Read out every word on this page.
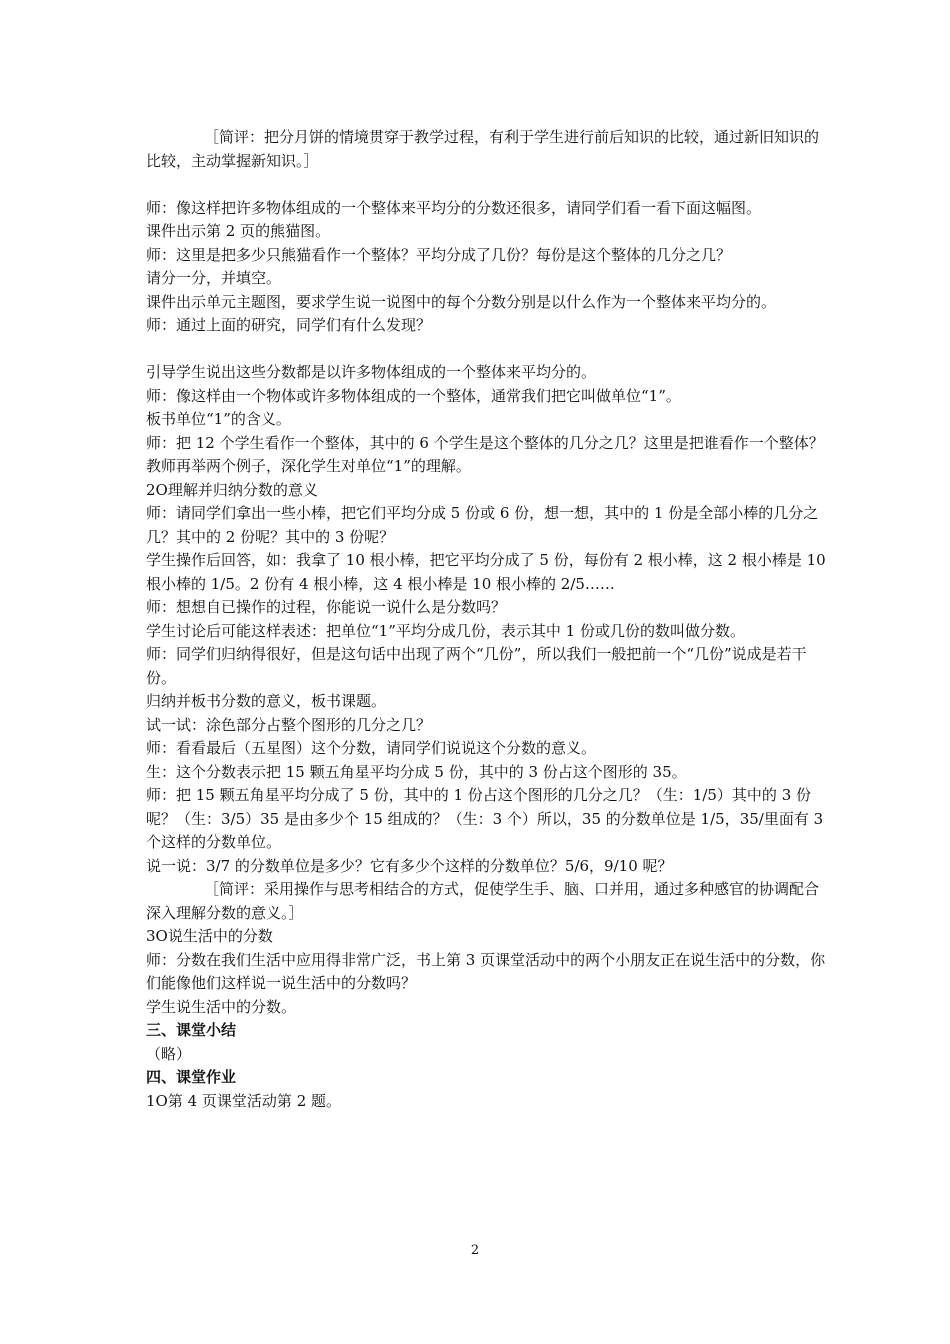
［简评：把分月饼的情境贯穿于教学过程，有利于学生进行前后知识的比较，通过新旧知识的比较，主动掌握新知识。］

师：像这样把许多物体组成的一个整体来平均分的分数还很多，请同学们看一看下面这幅图。

课件出示第 2 页的熊猫图。

师：这里是把多少只熊猫看作一个整体？平均分成了几份？每份是这个整体的几分之几？

请分一分，并填空。

课件出示单元主题图，要求学生说一说图中的每个分数分别是以什么作为一个整体来平均分的。

师：通过上面的研究，同学们有什么发现？

引导学生说出这些分数都是以许多物体组成的一个整体来平均分的。

师：像这样由一个物体或许多物体组成的一个整体，通常我们把它叫做单位“1”。

板书单位“1”的含义。

师：把 12 个学生看作一个整体，其中的 6 个学生是这个整体的几分之几？这里是把谁看作一个整体？

教师再举两个例子，深化学生对单位“1”的理解。

2O理解并归纳分数的意义

师：请同学们拿出一些小棒，把它们平均分成 5 份或 6 份，想一想，其中的 1 份是全部小棒的几分之几？其中的 2 份呢？其中的 3 份呢？

学生操作后回答，如：我拿了 10 根小棒，把它平均分成了 5 份，每份有 2 根小棒，这 2 根小棒是 10 根小棒的 1/5。2 份有 4 根小棒，这 4 根小棒是 10 根小棒的 2/5……

师：想想自已操作的过程，你能说一说什么是分数吗？

学生讨论后可能这样表述：把单位“1”平均分成几份，表示其中 1 份或几份的数叫做分数。

师：同学们归纳得很好，但是这句话中出现了两个“几份”，所以我们一般把前一个“几份”说成是若干份。

归纳并板书分数的意义，板书课题。

试一试：涂色部分占整个图形的几分之几？

师：看看最后（五星图）这个分数，请同学们说说这个分数的意义。

生：这个分数表示把 15 颗五角星平均分成 5 份，其中的 3 份占这个图形的 35。

师：把 15 颗五角星平均分成了 5 份，其中的 1 份占这个图形的几分之几？（生：1/5）其中的 3 份呢？（生：3/5）35 是由多少个 15 组成的？（生：3 个）所以，35 的分数单位是 1/5，35/里面有 3 个这样的分数单位。

说一说：3/7 的分数单位是多少？它有多少个这样的分数单位？5/6，9/10 呢？

［简评：采用操作与思考相结合的方式，促使学生手、脑、口并用，通过多种感官的协调配合深入理解分数的意义。］

3O说生活中的分数

师：分数在我们生活中应用得非常广泛，书上第 3 页课堂活动中的两个小朋友正在说生活中的分数，你们能像他们这样说一说生活中的分数吗？

学生说生活中的分数。

三、课堂小结

（略）

四、课堂作业

1O第 4 页课堂活动第 2 题。

2
